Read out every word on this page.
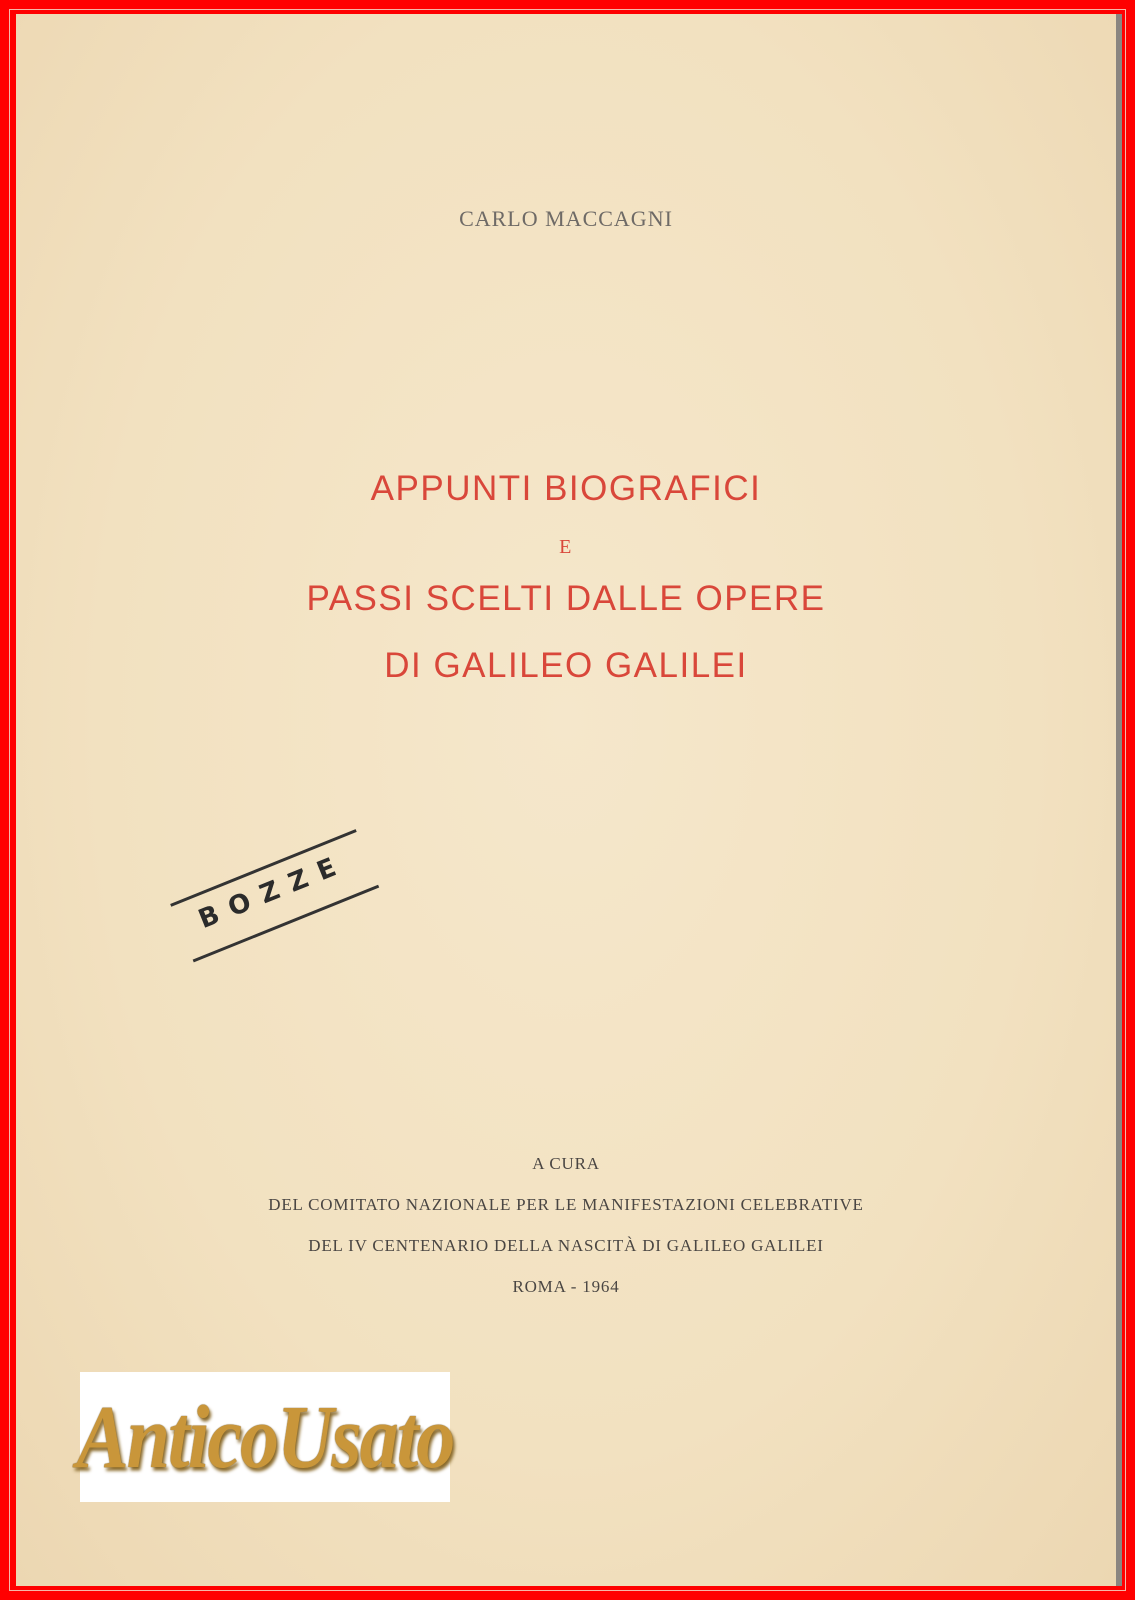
CARLO MACCAGNI
APPUNTI BIOGRAFICI
E
PASSI SCELTI DALLE OPERE
DI GALILEO GALILEI
BOZZE
A CURA
DEL COMITATO NAZIONALE PER LE MANIFESTAZIONI CELEBRATIVE
DEL IV CENTENARIO DELLA NASCITÀ DI GALILEO GALILEI
ROMA - 1964
AnticoUsato
